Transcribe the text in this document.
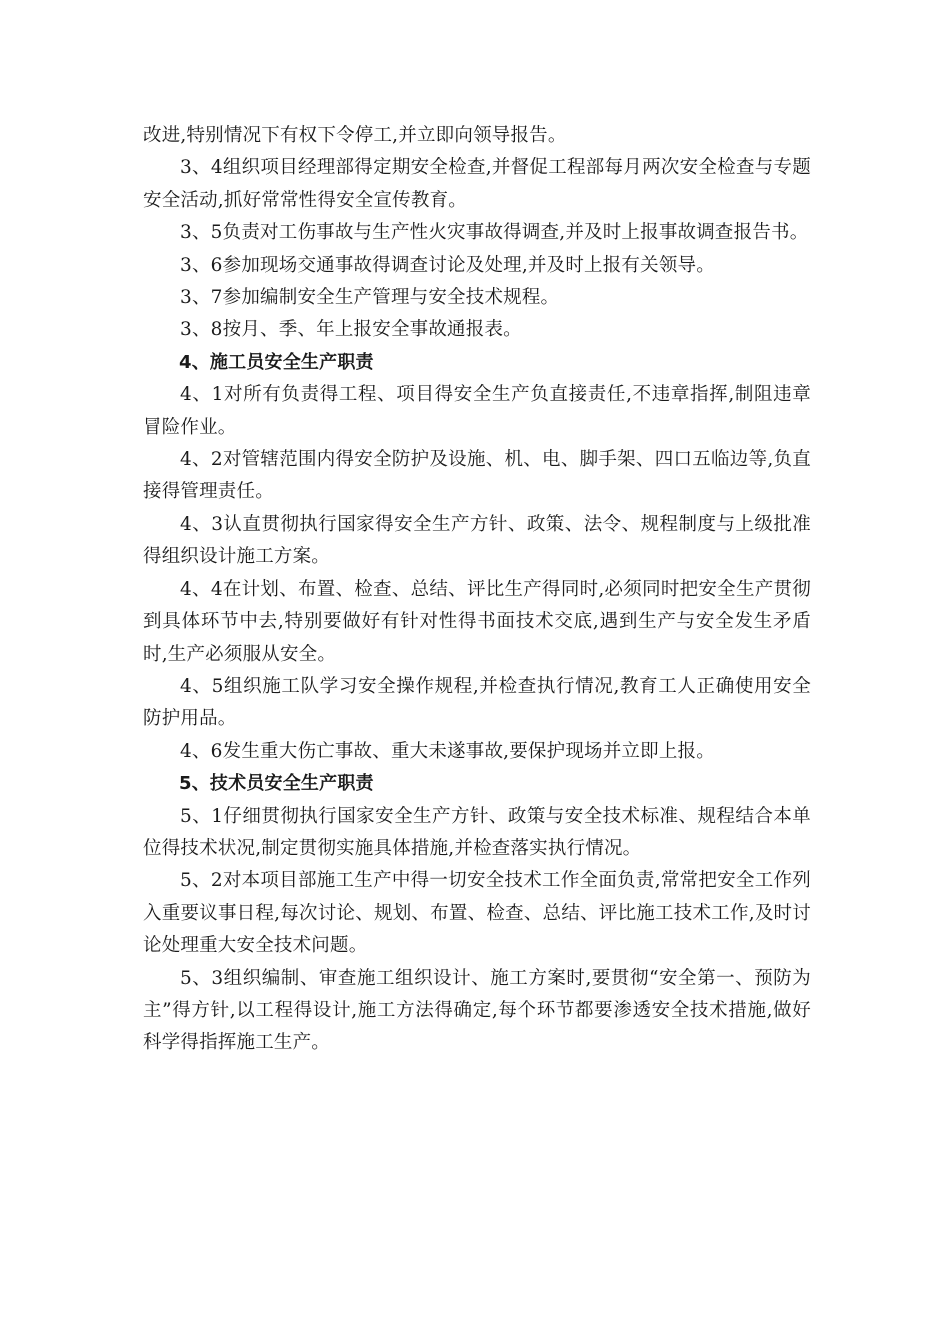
改进,特别情况下有权下令停工,并立即向领导报告。

3、4组织项目经理部得定期安全检查,并督促工程部每月两次安全检查与专题安全活动,抓好常常性得安全宣传教育。

3、5负责对工伤事故与生产性火灾事故得调查,并及时上报事故调查报告书。

3、6参加现场交通事故得调查讨论及处理,并及时上报有关领导。

3、7参加编制安全生产管理与安全技术规程。

3、8按月、季、年上报安全事故通报表。

4、施工员安全生产职责

4、1对所有负责得工程、项目得安全生产负直接责任,不违章指挥,制阻违章冒险作业。

4、2对管辖范围内得安全防护及设施、机、电、脚手架、四口五临边等,负直接得管理责任。

4、3认直贯彻执行国家得安全生产方针、政策、法令、规程制度与上级批准得组织设计施工方案。

4、4在计划、布置、检查、总结、评比生产得同时,必须同时把安全生产贯彻到具体环节中去,特别要做好有针对性得书面技术交底,遇到生产与安全发生矛盾时,生产必须服从安全。

4、5组织施工队学习安全操作规程,并检查执行情况,教育工人正确使用安全防护用品。

4、6发生重大伤亡事故、重大未遂事故,要保护现场并立即上报。

5、技术员安全生产职责

5、1仔细贯彻执行国家安全生产方针、政策与安全技术标准、规程结合本单位得技术状况,制定贯彻实施具体措施,并检查落实执行情况。

5、2对本项目部施工生产中得一切安全技术工作全面负责,常常把安全工作列入重要议事日程,每次讨论、规划、布置、检查、总结、评比施工技术工作,及时讨论处理重大安全技术问题。

5、3组织编制、审查施工组织设计、施工方案时,要贯彻“安全第一、预防为主”得方针,以工程得设计,施工方法得确定,每个环节都要渗透安全技术措施,做好科学得指挥施工生产。
